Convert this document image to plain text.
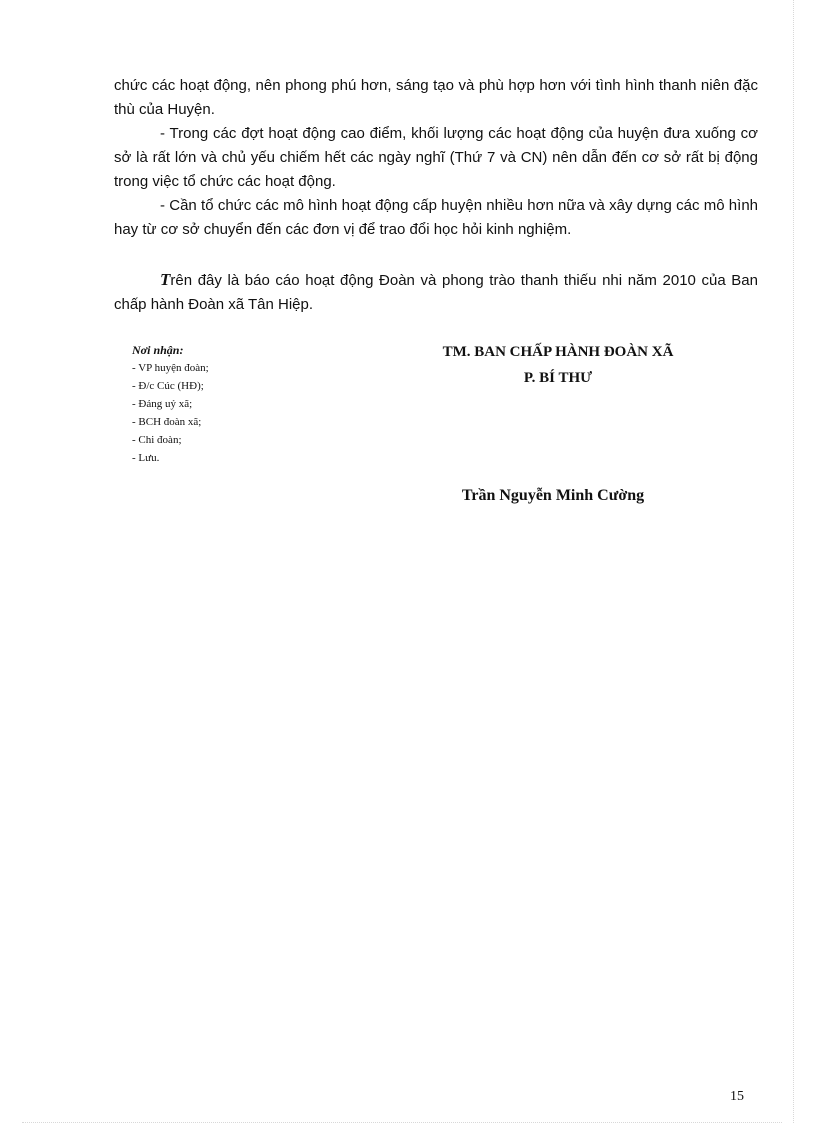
chức các hoạt động, nên phong phú hơn, sáng tạo và phù hợp hơn với tình hình thanh niên đặc thù của Huyện.

- Trong các đợt hoạt động cao điểm, khối lượng các hoạt động của huyện đưa xuống cơ sở là rất lớn và chủ yếu chiếm hết các ngày nghĩ (Thứ 7 và CN) nên dẫn đến cơ sở rất bị động trong việc tổ chức các hoạt động.

- Cần tổ chức các mô hình hoạt động cấp huyện nhiều hơn nữa và xây dựng các mô hình hay từ cơ sở chuyển đến các đơn vị để trao đổi học hỏi kinh nghiệm.

Trên đây là báo cáo hoạt động Đoàn và phong trào thanh thiếu nhi năm 2010 của Ban chấp hành Đoàn xã Tân Hiệp.

Nơi nhận:
- VP huyện đoàn;
- Đ/c Cúc (HĐ);
- Đảng uỷ xã;
- BCH đoàn xã;
- Chi đoàn;
- Lưu.
TM. BAN CHẤP HÀNH ĐOÀN XÃ
P. BÍ THƯ
Trần Nguyễn Minh Cường
15
